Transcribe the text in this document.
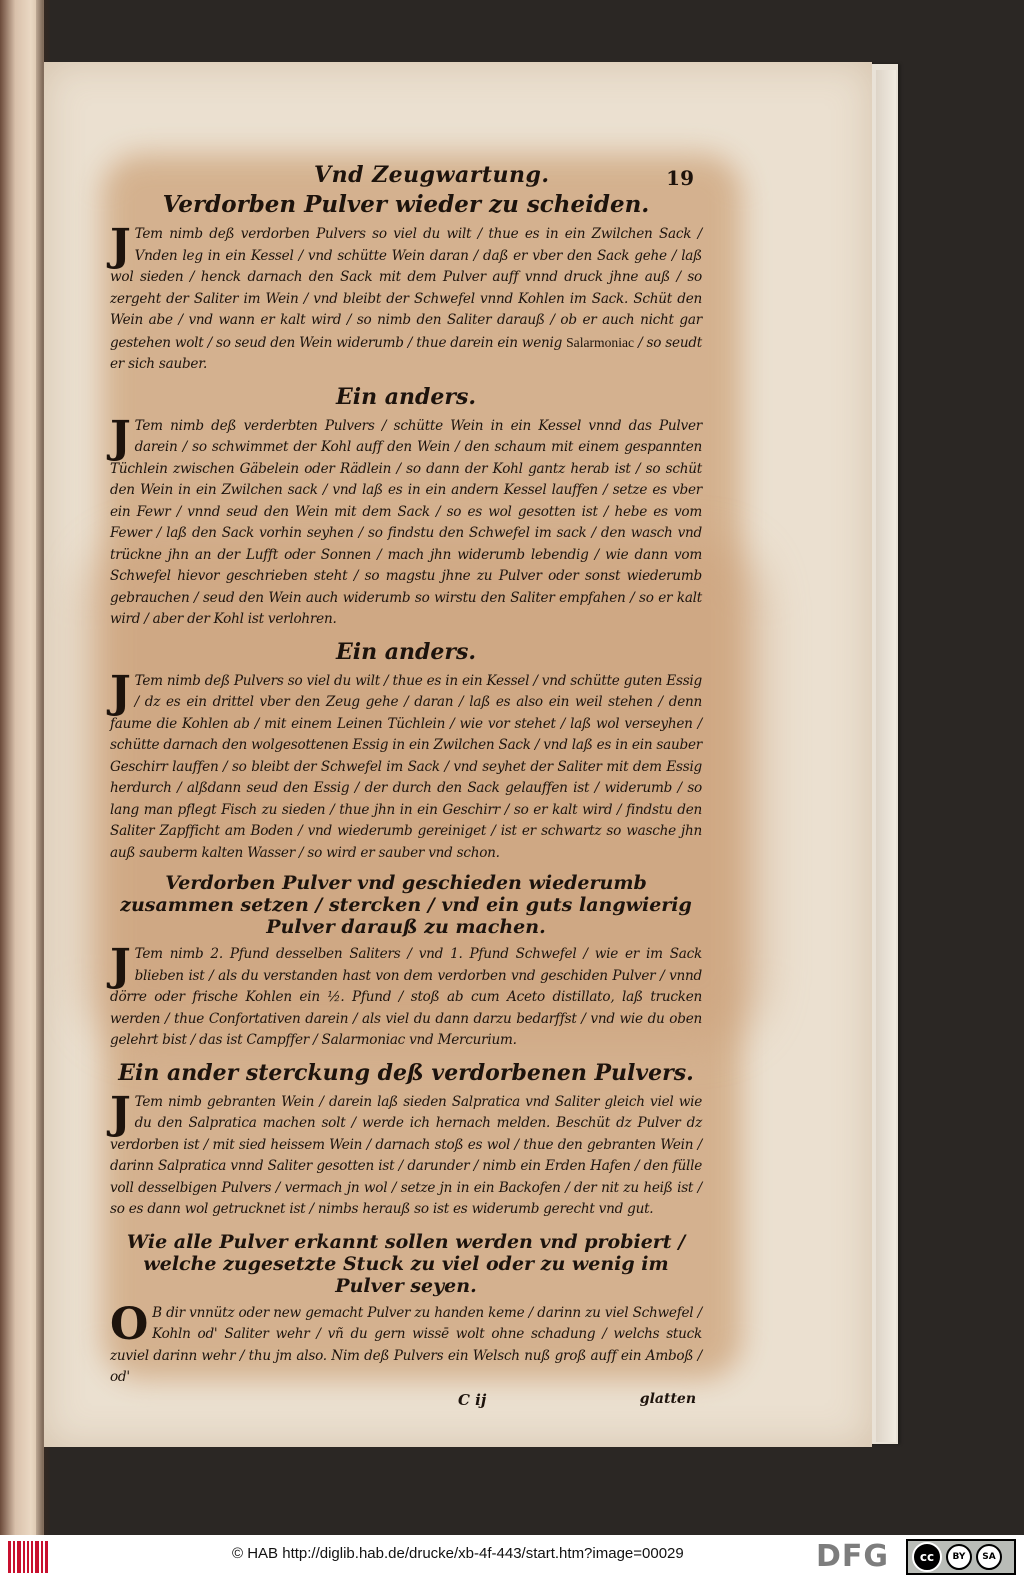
Vnd Zeugwartung.	19
Verdorben Pulver wieder zu scheiden.

J Tem nimb deß verdorben Pulvers so viel du wilt / thue es in ein Zwilchen Sack / Vnden leg in ein Kessel / vnd schütte Wein daran / daß er vber den Sack gehe / laß wol sieden / henck darnach den Sack mit dem Pulver auff vnnd druck jhne auß / so zergeht der Saliter im Wein / vnd bleibt der Schwefel vnnd Kohlen im Sack. Schüt den Wein abe / vnd wann er kalt wird / so nimb den Saliter darauß / ob er auch nicht gar gestehen wolt / so seud den Wein widerumb / thue darein ein wenig Salarmoniac / so seudt er sich sauber.

Ein anders.

J Tem nimb deß verderbten Pulvers / schütte Wein in ein Kessel vnnd das Pulver darein / so schwimmet der Kohl auff den Wein / den schaum mit einem gespannten Tüchlein zwischen Gäbelein oder Rädlein / so dann der Kohl gantz herab ist / so schüt den Wein in ein Zwilchen sack / vnd laß es in ein andern Kessel lauffen / setze es vber ein Fewr / vnnd seud den Wein mit dem Sack / so es wol gesotten ist / hebe es vom Fewer / laß den Sack vorhin seyhen / so findstu den Schwefel im sack / den wasch vnd trückne jhn an der Lufft oder Sonnen / mach jhn widerumb lebendig / wie dann vom Schwefel hievor geschrieben steht / so magstu jhne zu Pulver oder sonst wiederumb gebrauchen / seud den Wein auch widerumb so wirstu den Saliter empfahen / so er kalt wird / aber der Kohl ist verlohren.

Ein anders.

J Tem nimb deß Pulvers so viel du wilt / thue es in ein Kessel / vnd schütte guten Essig / dz es ein drittel vber den Zeug gehe / daran / laß es also ein weil stehen / denn faume die Kohlen ab / mit einem Leinen Tüchlein / wie vor stehet / laß wol verseyhen / schütte darnach den wolgesottenen Essig in ein Zwilchen Sack / vnd laß es in ein sauber Geschirr lauffen / so bleibt der Schwefel im Sack / vnd seyhet der Saliter mit dem Essig herdurch / alßdann seud den Essig / der durch den Sack gelauffen ist / widerumb / so lang man pflegt Fisch zu sieden / thue jhn in ein Geschirr / so er kalt wird / findstu den Saliter Zapfficht am Boden / vnd wiederumb gereiniget / ist er schwartz so wasche jhn auß sauberm kalten Wasser / so wird er sauber vnd schon.

Verdorben Pulver vnd geschieden wiederumb zusammen setzen / stercken / vnd ein guts langwierig Pulver darauß zu machen.

J Tem nimb 2. Pfund desselben Saliters / vnd 1. Pfund Schwefel / wie er im Sack blieben ist / als du verstanden hast von dem verdorben vnd geschiden Pulver / vnnd dörre oder frische Kohlen ein ½. Pfund / stoß ab cum Aceto distillato, laß trucken werden / thue Confortativen darein / als viel du dann darzu bedarffst / vnd wie du oben gelehrt bist / das ist Campffer / Salarmoniac vnd Mercurium.

Ein ander sterckung deß verdorbenen Pulvers.

J Tem nimb gebranten Wein / darein laß sieden Salpratica vnd Saliter gleich viel wie du den Salpratica machen solt / werde ich hernach melden. Beschüt dz Pulver dz verdorben ist / mit sied heissem Wein / darnach stoß es wol / thue den gebranten Wein / darinn Salpratica vnnd Saliter gesotten ist / darunder / nimb ein Erden Hafen / den fülle voll desselbigen Pulvers / vermach jn wol / setze jn in ein Backofen / der nit zu heiß ist / so es dann wol getrucknet ist / nimbs herauß so ist es widerumb gerecht vnd gut.

Wie alle Pulver erkannt sollen werden vnd probiert / welche zugesetzte Stuck zu viel oder zu wenig im Pulver seyen.

O B dir vnnütz oder new gemacht Pulver zu handen keme / darinn zu viel Schwefel / Kohln od' Saliter wehr / vñ du gern wissē wolt ohne schadung / welchs stuck zuviel darinn wehr / thu jm also. Nim deß Pulvers ein Welsch nuß groß auff ein Amboß / od'

C ij	glatten
© HAB http://diglib.hab.de/drucke/xb-4f-443/start.htm?image=00029	DFG	cc	BY	SA
